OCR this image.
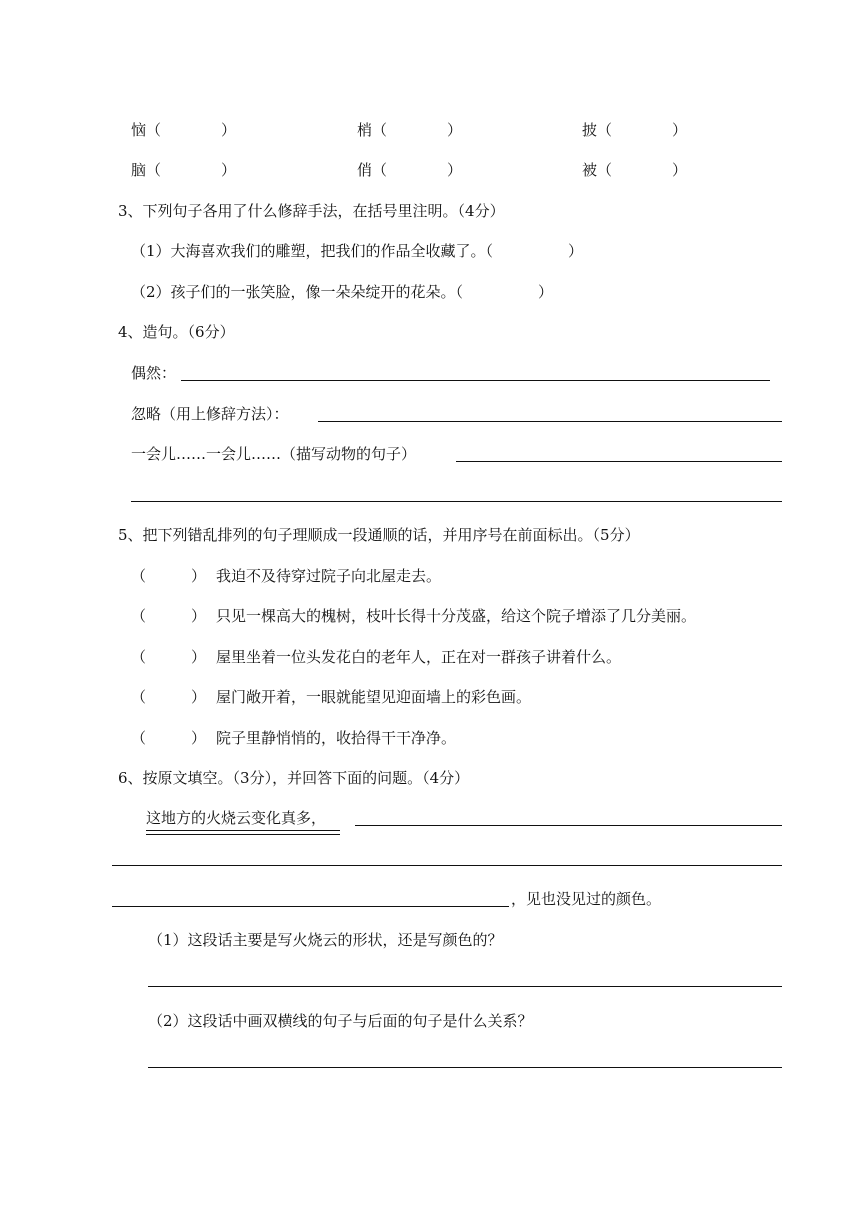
恼（　　　　）	梢（　　　　）	披（　　　　）
脑（　　　　）	俏（　　　　）	被（　　　　）
3、下列句子各用了什么修辞手法，在括号里注明。（4分）
（1）大海喜欢我们的雕塑，把我们的作品全收藏了。（　　　　　）
（2）孩子们的一张笑脸，像一朵朵绽开的花朵。（　　　　　）
4、造句。（6分）
偶然：
忽略（用上修辞方法）：
一会儿……一会儿……（描写动物的句子）
5、把下列错乱排列的句子理顺成一段通顺的话，并用序号在前面标出。（5分）
（　　　） 我迫不及待穿过院子向北屋走去。
（　　　） 只见一棵高大的槐树，枝叶长得十分茂盛，给这个院子增添了几分美丽。
（　　　） 屋里坐着一位头发花白的老年人，正在对一群孩子讲着什么。
（　　　） 屋门敞开着，一眼就能望见迎面墙上的彩色画。
（　　　） 院子里静悄悄的，收拾得干干净净。
6、按原文填空。（3分），并回答下面的问题。（4分）
这地方的火烧云变化真多，
，见也没见过的颜色。
（1）这段话主要是写火烧云的形状，还是写颜色的？
（2）这段话中画双横线的句子与后面的句子是什么关系？
